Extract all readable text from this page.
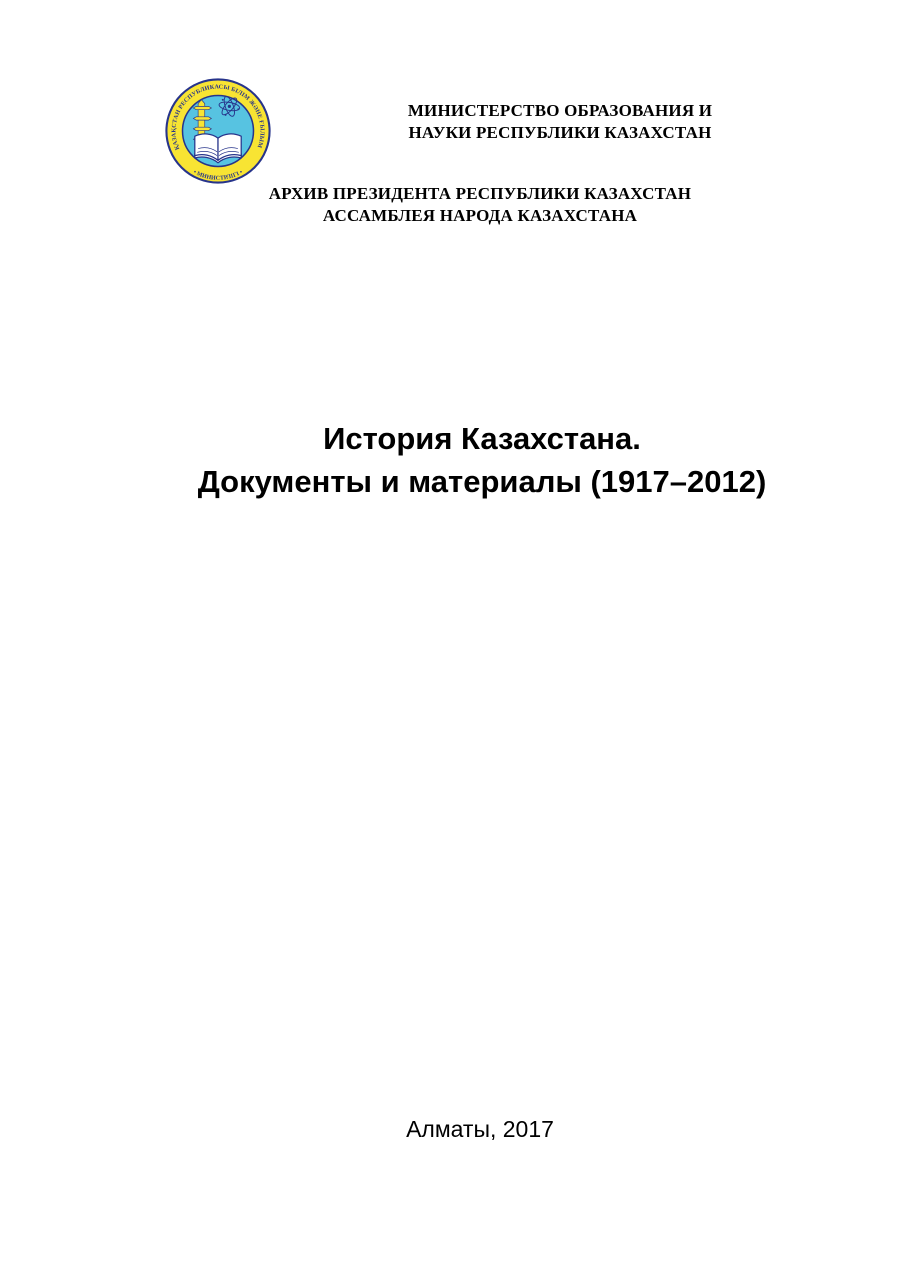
ҚАЗАҚСТАН РЕСПУБЛИКАСЫ БІЛІМ ЖӘНЕ ҒЫЛЫМ
• МИНИСТРЛІГІ •
МИНИСТЕРСТВО ОБРАЗОВАНИЯ И
НАУКИ РЕСПУБЛИКИ КАЗАХСТАН
АРХИВ ПРЕЗИДЕНТА РЕСПУБЛИКИ КАЗАХСТАН
АССАМБЛЕЯ НАРОДА КАЗАХСТАНА
История Казахстана.
Документы и материалы (1917–2012)
Алматы, 2017
